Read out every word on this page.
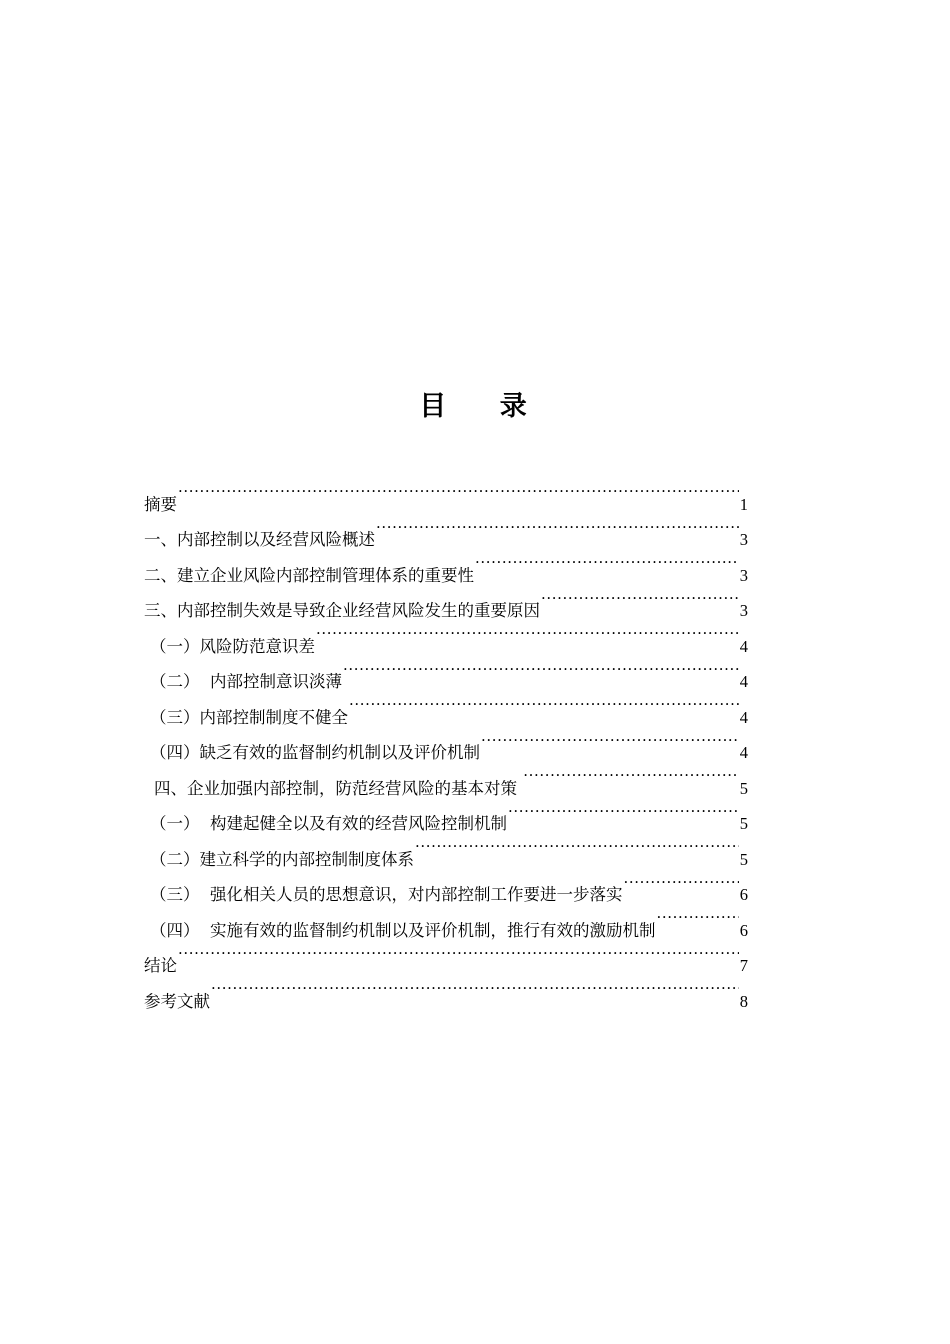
目 录
摘要 ·····	1
一、内部控制以及经营风险概述 ·····	3
二、建立企业风险内部控制管理体系的重要性 ·····	3
三、内部控制失效是导致企业经营风险发生的重要原因 ·····	3
（一）风险防范意识差 ·····	4
（二）  内部控制意识淡薄 ·····	4
（三）内部控制制度不健全 ·····	4
（四）缺乏有效的监督制约机制以及评价机制 ·····	4
四、企业加强内部控制，防范经营风险的基本对策 ·····	5
（一）  构建起健全以及有效的经营风险控制机制 ·····	5
（二）建立科学的内部控制制度体系 ·····	5
（三）  强化相关人员的思想意识，对内部控制工作要进一步落实 ·····	6
（四）  实施有效的监督制约机制以及评价机制，推行有效的激励机制 ·····	6
结论 ·····	7
参考文献 ·····	8
